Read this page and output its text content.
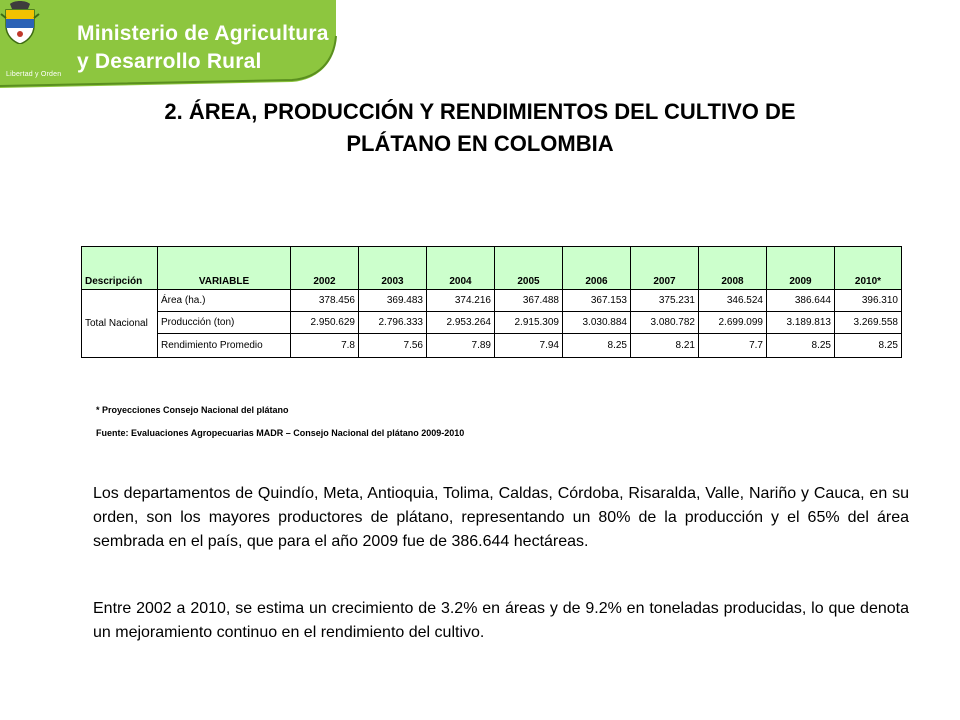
Libertad y Orden
Ministerio de Agricultura
y Desarrollo Rural
2. ÁREA, PRODUCCIÓN Y RENDIMIENTOS DEL CULTIVO DE
PLÁTANO EN COLOMBIA
Descripción	VARIABLE	2002	2003	2004	2005	2006	2007	2008	2009	2010*
Total Nacional	Área (ha.)	378.456	369.483	374.216	367.488	367.153	375.231	346.524	386.644	396.310
	Producción (ton)	2.950.629	2.796.333	2.953.264	2.915.309	3.030.884	3.080.782	2.699.099	3.189.813	3.269.558
	Rendimiento Promedio	7.8	7.56	7.89	7.94	8.25	8.21	7.7	8.25	8.25
* Proyecciones Consejo Nacional del plátano
Fuente: Evaluaciones Agropecuarias MADR – Consejo Nacional del plátano 2009-2010

Los departamentos de Quindío, Meta, Antioquia, Tolima, Caldas, Córdoba, Risaralda, Valle, Nariño y Cauca, en su orden, son los mayores productores de plátano, representando un 80% de la producción y el 65% del área sembrada en el país, que para el año 2009 fue de 386.644 hectáreas.

Entre 2002 a 2010, se estima un crecimiento de 3.2% en áreas y de 9.2% en toneladas producidas, lo que denota un mejoramiento continuo en el rendimiento del cultivo.
